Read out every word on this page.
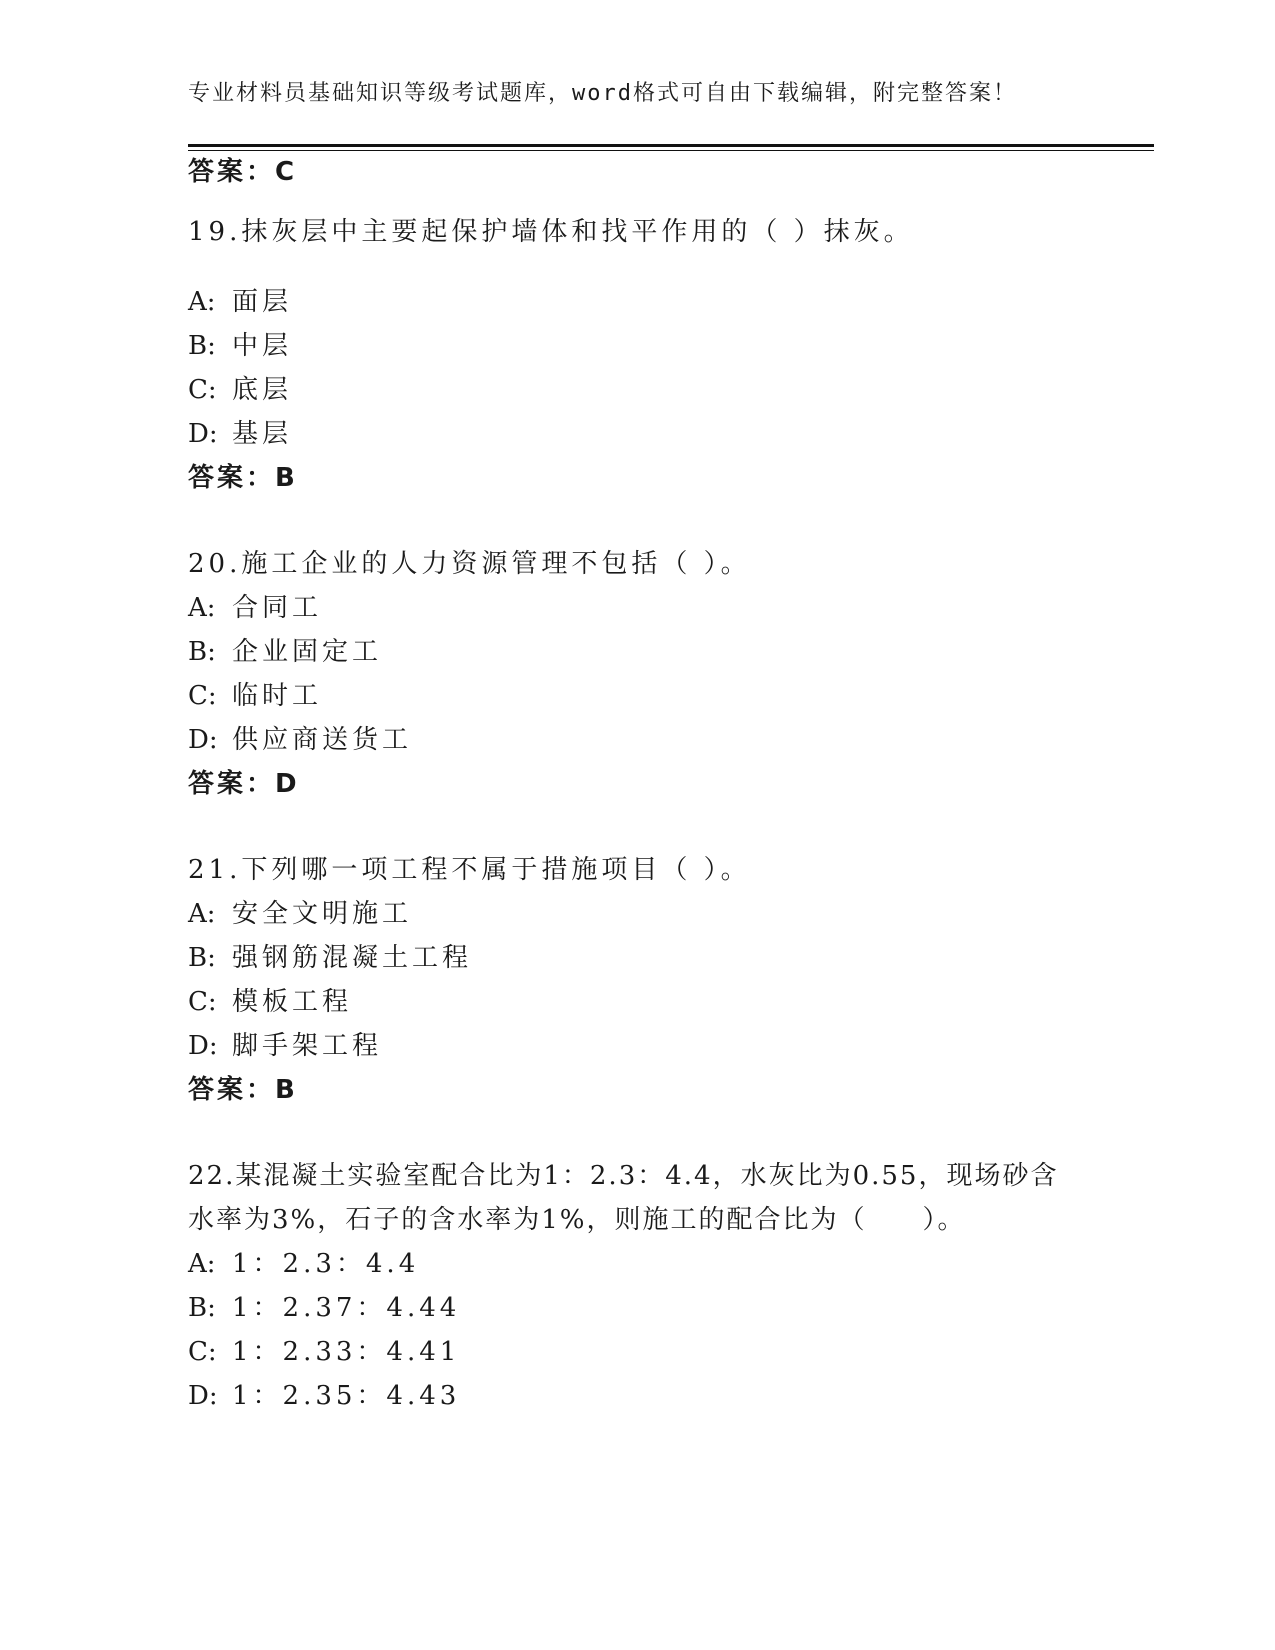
专业材料员基础知识等级考试题库，word格式可自由下载编辑，附完整答案！
答案：C
19.抹灰层中主要起保护墙体和找平作用的（ ）抹灰。
A: 面层
B: 中层
C: 底层
D: 基层
答案：B
20.施工企业的人力资源管理不包括（ ）。
A: 合同工
B: 企业固定工
C: 临时工
D: 供应商送货工
答案：D
21.下列哪一项工程不属于措施项目（ ）。
A: 安全文明施工
B: 强钢筋混凝土工程
C: 模板工程
D: 脚手架工程
答案：B
22.某混凝土实验室配合比为1：2.3：4.4，水灰比为0.55，现场砂含
水率为3%，石子的含水率为1%，则施工的配合比为（　　）。
A: 1：2.3：4.4
B: 1：2.37：4.44
C: 1：2.33：4.41
D: 1：2.35：4.43
